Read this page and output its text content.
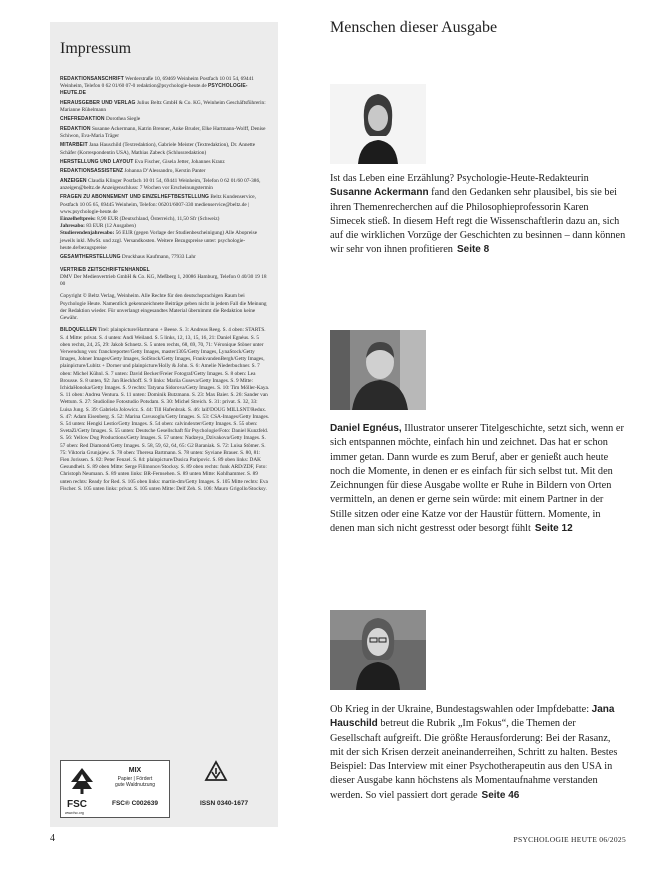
Impressum

REDAKTIONSANSCHRIFT Werderstraße 10, 69469 Weinheim Postfach 10 01 54, 69441 Weinheim, Telefon 0 62 01/60 07-0 redaktion@psychologie-heute.de PSYCHOLOGIE-HEUTE.DE

HERAUSGEBER UND VERLAG Julius Beltz GmbH & Co. KG, Weinheim Geschäftsführerin: Marianne Rühelmann

CHEFREDAKTION Dorothea Siegle

REDAKTION Susanne Ackermann, Katrin Brenner, Anke Bruder, Elke Hartmann-Wolff, Denise Schiwon, Eva-Maria Träger

MITARBEIT Jana Hauschild (Textredaktion), Gabriele Meister (Textredaktion), Dr. Annette Schäfer (Korrespondentin USA), Mathias Zabeck (Schlussredaktion)

HERSTELLUNG UND LAYOUT Eva Fischer, Gisela Jetter, Johannes Kranz

REDAKTIONSASSISTENZ Johanna D’Alessandro, Kerstin Panter

ANZEIGEN Claudia Klinger Postfach 10 01 54, 69441 Weinheim, Telefon 0 62 01/60 07-386, anzeigen@beltz.de Anzeigenschluss: 7 Wochen vor Erscheinungstermin

FRAGEN ZU ABONNEMENT UND EINZELHEFTBESTELLUNG Beltz Kundenservice, Postfach 10 05 65, 69445 Weinheim, Telefon: 06201/6007-330 medienservice@beltz.de | www.psychologie-heute.de
Einzelheftpreis: 8,90 EUR (Deutschland, Österreich), 11,50 Sfr (Schweiz)
Jahresabo: 83 EUR (12 Ausgaben)
Studierendenjahresabo: 56 EUR (gegen Vorlage der Studienbescheinigung) Alle Abopreise jeweils inkl. MwSt. und zzgl. Versandkosten. Weitere Bezugspreise unter: psychologie-heute.de/bezugspreise

GESAMTHERSTELLUNG Druckhaus Kaufmann, 77933 Lahr

VERTRIEB ZEITSCHRIFTENHANDEL
DMV Der Medienvertrieb GmbH & Co. KG, Meßberg 1, 20086 Hamburg, Telefon 0 40/30 19 18 00

Copyright © Beltz Verlag, Weinheim. Alle Rechte für den deutschsprachigen Raum bei Psychologie Heute. Namentlich gekennzeichnete Beiträge geben nicht in jedem Fall die Meinung der Redaktion wieder. Für unverlangt eingesandtes Material übernimmt die Redaktion keine Gewähr.

BILDQUELLEN Titel: plainpicture/Hartmann + Beese. S. 3: Andreas Reeg. S. 4 oben: STARTS. S. 4 Mitte: privat. S. 4 unten: Andi Weiland. S. 5 links, 12, 13, 15, 16, 21: Daniel Egnéus. S. 5 oben rechts, 24, 25, 29: Jakob Schnetz. S. 5 unten rechts, 68, 69, 70, 71: Véronique Stöner unter Verwendung von: franckreporter/Getty Images, master1305/Getty Images, LynaStock/Getty Images, Johner Images/Getty Images, SolStock/Getty Images, FrankvandenBergh/Getty Images, plainpicture/Lubitz + Dorner und plainpicture/Holly & John. S. 6: Amelie Niederbuchner. S. 7 oben: Michel Kühnl. S. 7 unten: David Becker/Freier Fotograf/Getty Images. S. 8 oben: Lea Brousse. S. 8 unten, 92: Jan Rieckhoff. S. 9 links: Mariia Guseva/Getty Images. S. 9 Mitte: IchidaHonoka/Getty Images. S. 9 rechts: Tatyana Sidorova/Getty Images. S. 10: Tim Möller-Kaya. S. 11 oben: Andrea Ventura. S. 11 unten: Dominik Butzmann. S. 23: Max Baier. S. 26: Sander van Wettum. S. 27: Studioline Fotostudio Potsdam. S. 30: Michel Streich. S. 31: privat. S. 32, 33: Luisa Jung. S. 39: Gabriela Jolowicz. S. 44: Till Hafenbrak. S. 46: laif/DOUG MILLSNT/Redux. S. 47: Adam Eisenberg. S. 52: Marina Cavusoglu/Getty Images. S. 53: CSA-Images/Getty Images. S. 54 unten: Hengki Lestio/Getty Images. S. 54 oben: calvindexter/Getty Images. S. 55 oben: SvetaZi/Getty Images. S. 55 unten: Deutsche Gesellschaft für Psychologie/Foto: Daniel Kunzfeld. S. 56: Yellow Dog Productions/Getty Images. S. 57 unten: Nadzeya_Dzivakova/Getty Images. S. 57 oben: Red Diamond/Getty Images. S. 58, 59, 62, 64, 65: G2 Baraniak. S. 72: Luisa Stömer. S. 75: Viktoria Grunjajew. S. 78 oben: Theresa Bartmann. S. 78 unten: Syviane Brauer. S. 80, 81: Fien Jorissen. S. 82: Peter Fenzel. S. 84: plainpicture/Dusica Paripovic. S. 89 oben links: DAK Gesundheit. S. 89 oben Mitte: Serge Filimonov/Stocksy. S. 89 oben rechts: funk ARD/ZDF, Foto: Christoph Neumann. S. 89 unten links: BR-Fernsehen. S. 89 unten Mitte: Kohlhammer. S. 89 unten rechts: Ready for Red. S. 105 oben links: martin-dm/Getty Images. S. 105 Mitte rechts: Eva Fischer. S. 105 unten links: privat. S. 105 unten Mitte: Delf Zeh. S. 106: Mauro Grigollo/Stocksy.

FSC
www.fsc.org
MIX
Papier | Fördert
gute Waldnutzung
FSC® C002639	ISSN 0340-1677
Menschen dieser Ausgabe
Ist das Leben eine Erzählung? Psychologie-Heute-Redakteurin Susanne Ackermann fand den Gedanken sehr plausibel, bis sie bei ihren Themenrecherchen auf die Philosophieprofessorin Karen Simecek stieß. In diesem Heft regt die Wissenschaftlerin dazu an, sich auf die wirklichen Vorzüge der Geschichten zu besinnen – dann können wir sehr von ihnen profitieren Seite 8
Daniel Egnéus, Illustrator unserer Titelgeschichte, setzt sich, wenn er sich entspannen möchte, einfach hin und zeichnet. Das hat er schon immer getan. Dann wurde es zum Beruf, aber er genießt auch heute noch die Momente, in denen er es einfach für sich selbst tut. Mit den Zeichnungen für diese Ausgabe wollte er Ruhe in Bildern von Orten vermitteln, an denen er gerne sein würde: mit einem Partner in der Stille sitzen oder eine Katze vor der Haustür füttern. Momente, in denen man sich nicht gestresst oder besorgt fühlt Seite 12
Ob Krieg in der Ukraine, Bundestagswahlen oder Impfdebatte: Jana Hauschild betreut die Rubrik „Im Fokus“, die Themen der Gesellschaft aufgreift. Die größte Herausforderung: Bei der Rasanz, mit der sich Krisen derzeit aneinanderreihen, Schritt zu halten. Bestes Beispiel: Das Interview mit einer Psychotherapeutin aus den USA in dieser Ausgabe kann höchstens als Momentaufnahme verstanden werden. So viel passiert dort gerade Seite 46
4	PSYCHOLOGIE HEUTE 06/2025
